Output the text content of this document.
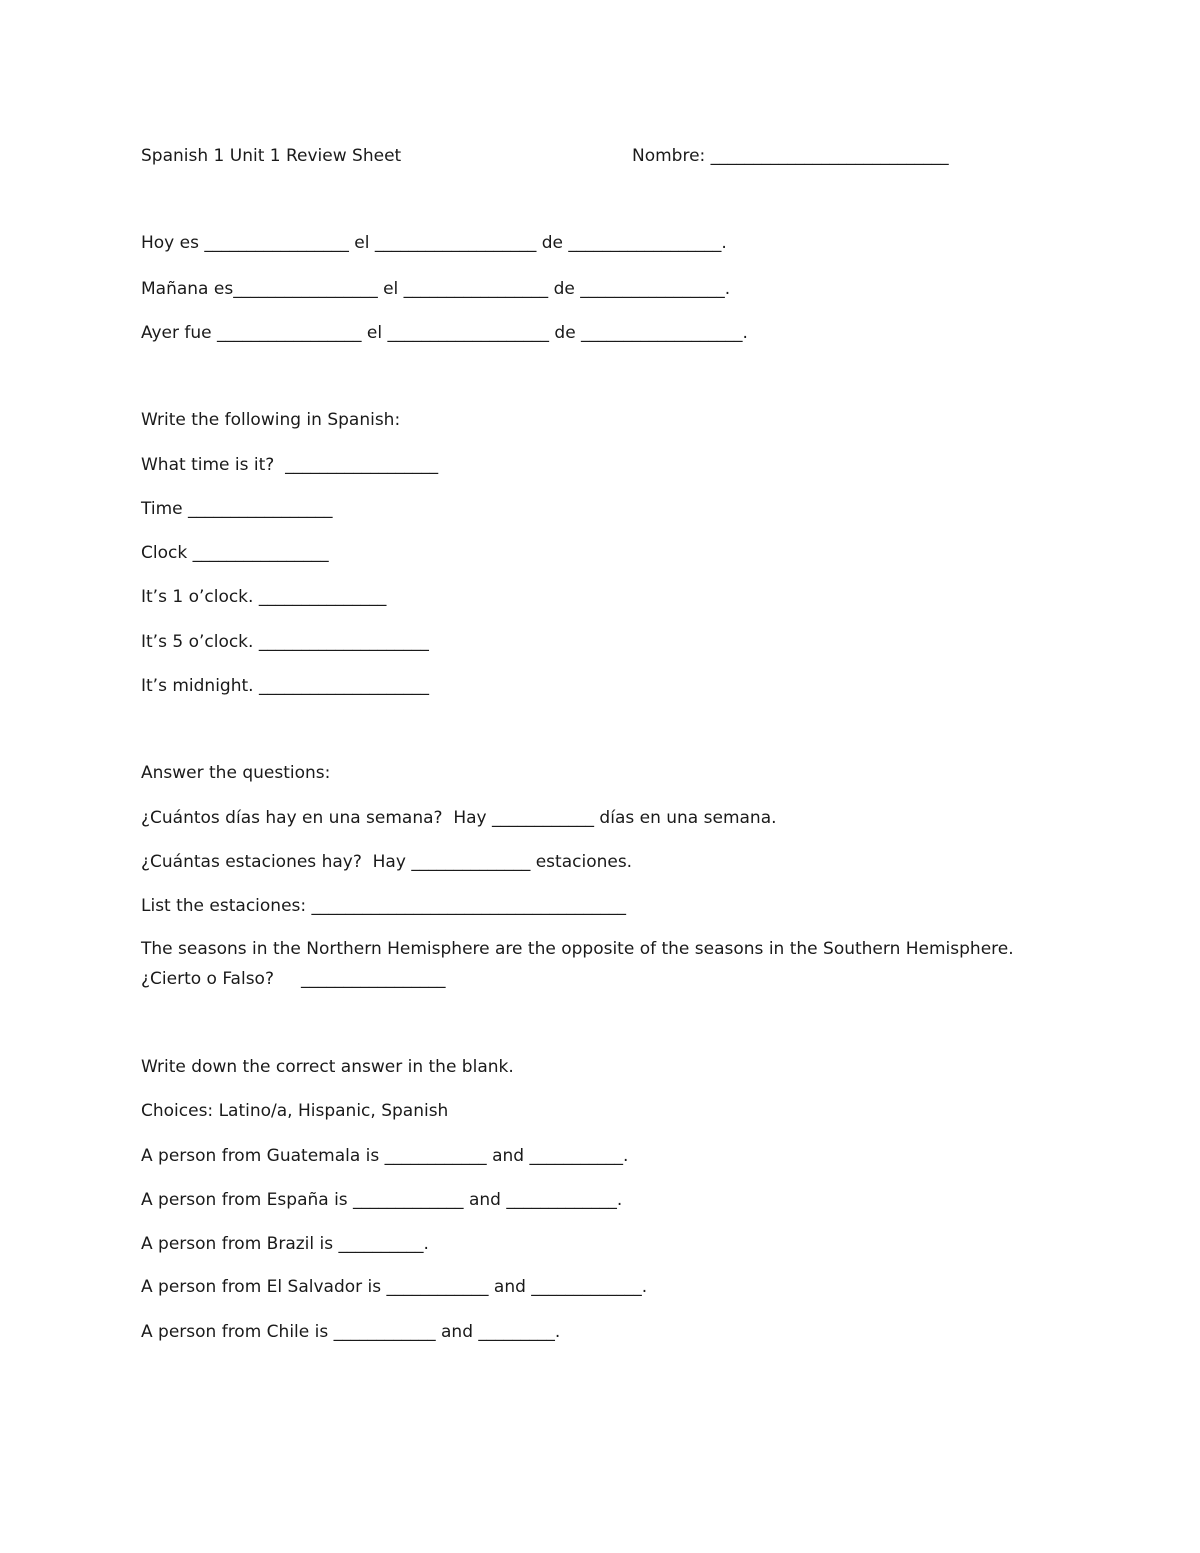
Spanish 1 Unit 1 Review Sheet	Nombre: ____________________________
Hoy es _________________ el ___________________ de __________________.
Mañana es_________________ el _________________ de _________________.
Ayer fue _________________ el ___________________ de ___________________.
Write the following in Spanish:
What time is it?  __________________
Time _________________
Clock ________________
It’s 1 o’clock. _______________
It’s 5 o’clock. ____________________
It’s midnight. ____________________
Answer the questions:
¿Cuántos días hay en una semana?  Hay ____________ días en una semana.
¿Cuántas estaciones hay?  Hay ______________ estaciones.
List the estaciones: _____________________________________
The seasons in the Northern Hemisphere are the opposite of the seasons in the Southern Hemisphere.
¿Cierto o Falso?     _________________
Write down the correct answer in the blank.
Choices: Latino/a, Hispanic, Spanish
A person from Guatemala is ____________ and ___________.
A person from España is _____________ and _____________.
A person from Brazil is __________.
A person from El Salvador is ____________ and _____________.
A person from Chile is ____________ and _________.
